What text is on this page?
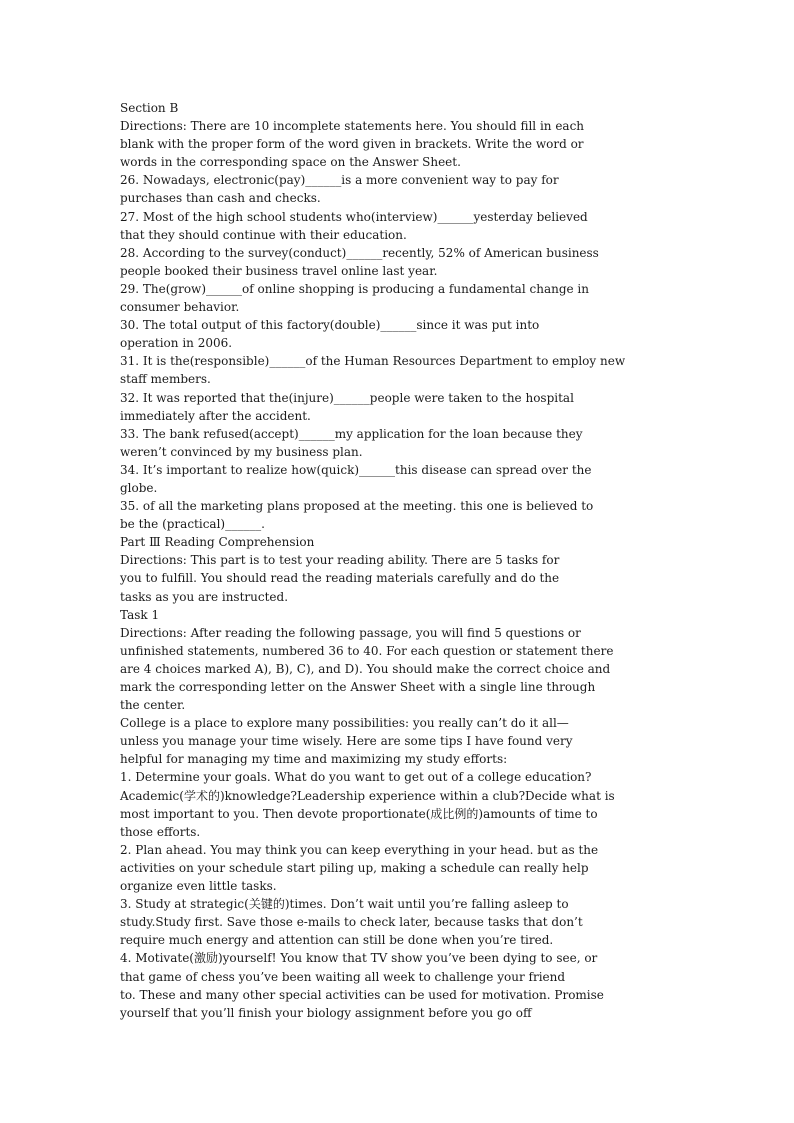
Section B
Directions: There are 10 incomplete statements here. You should fill in each
blank with the proper form of the word given in brackets. Write the word or
words in the corresponding space on the Answer Sheet.
26. Nowadays, electronic(pay)______is a more convenient way to pay for
purchases than cash and checks.
27. Most of the high school students who(interview)______yesterday believed
that they should continue with their education.
28. According to the survey(conduct)______recently, 52% of American business
people booked their business travel online last year.
29. The(grow)______of online shopping is producing a fundamental change in
consumer behavior.
30. The total output of this factory(double)______since it was put into
operation in 2006.
31. It is the(responsible)______of the Human Resources Department to employ new
staff members.
32. It was reported that the(injure)______people were taken to the hospital
immediately after the accident.
33. The bank refused(accept)______my application for the loan because they
weren’t convinced by my business plan.
34. It’s important to realize how(quick)______this disease can spread over the
globe.
35. of all the marketing plans proposed at the meeting. this one is believed to
be the (practical)______.
Part Ⅲ Reading Comprehension
Directions: This part is to test your reading ability. There are 5 tasks for
you to fulfill. You should read the reading materials carefully and do the
tasks as you are instructed.
Task 1
Directions: After reading the following passage, you will find 5 questions or
unfinished statements, numbered 36 to 40. For each question or statement there
are 4 choices marked A), B), C), and D). You should make the correct choice and
mark the corresponding letter on the Answer Sheet with a single line through
the center.
College is a place to explore many possibilities: you really can’t do it all—
unless you manage your time wisely. Here are some tips I have found very
helpful for managing my time and maximizing my study efforts:
1. Determine your goals. What do you want to get out of a college education?
Academic(学术的)knowledge?Leadership experience within a club?Decide what is
most important to you. Then devote proportionate(成比例的)amounts of time to
those efforts.
2. Plan ahead. You may think you can keep everything in your head. but as the
activities on your schedule start piling up, making a schedule can really help
organize even little tasks.
3. Study at strategic(关键的)times. Don’t wait until you’re falling asleep to
study.Study first. Save those e-mails to check later, because tasks that don’t
require much energy and attention can still be done when you’re tired.
4. Motivate(激励)yourself! You know that TV show you’ve been dying to see, or
that game of chess you’ve been waiting all week to challenge your friend
to. These and many other special activities can be used for motivation. Promise
yourself that you’ll finish your biology assignment before you go off
